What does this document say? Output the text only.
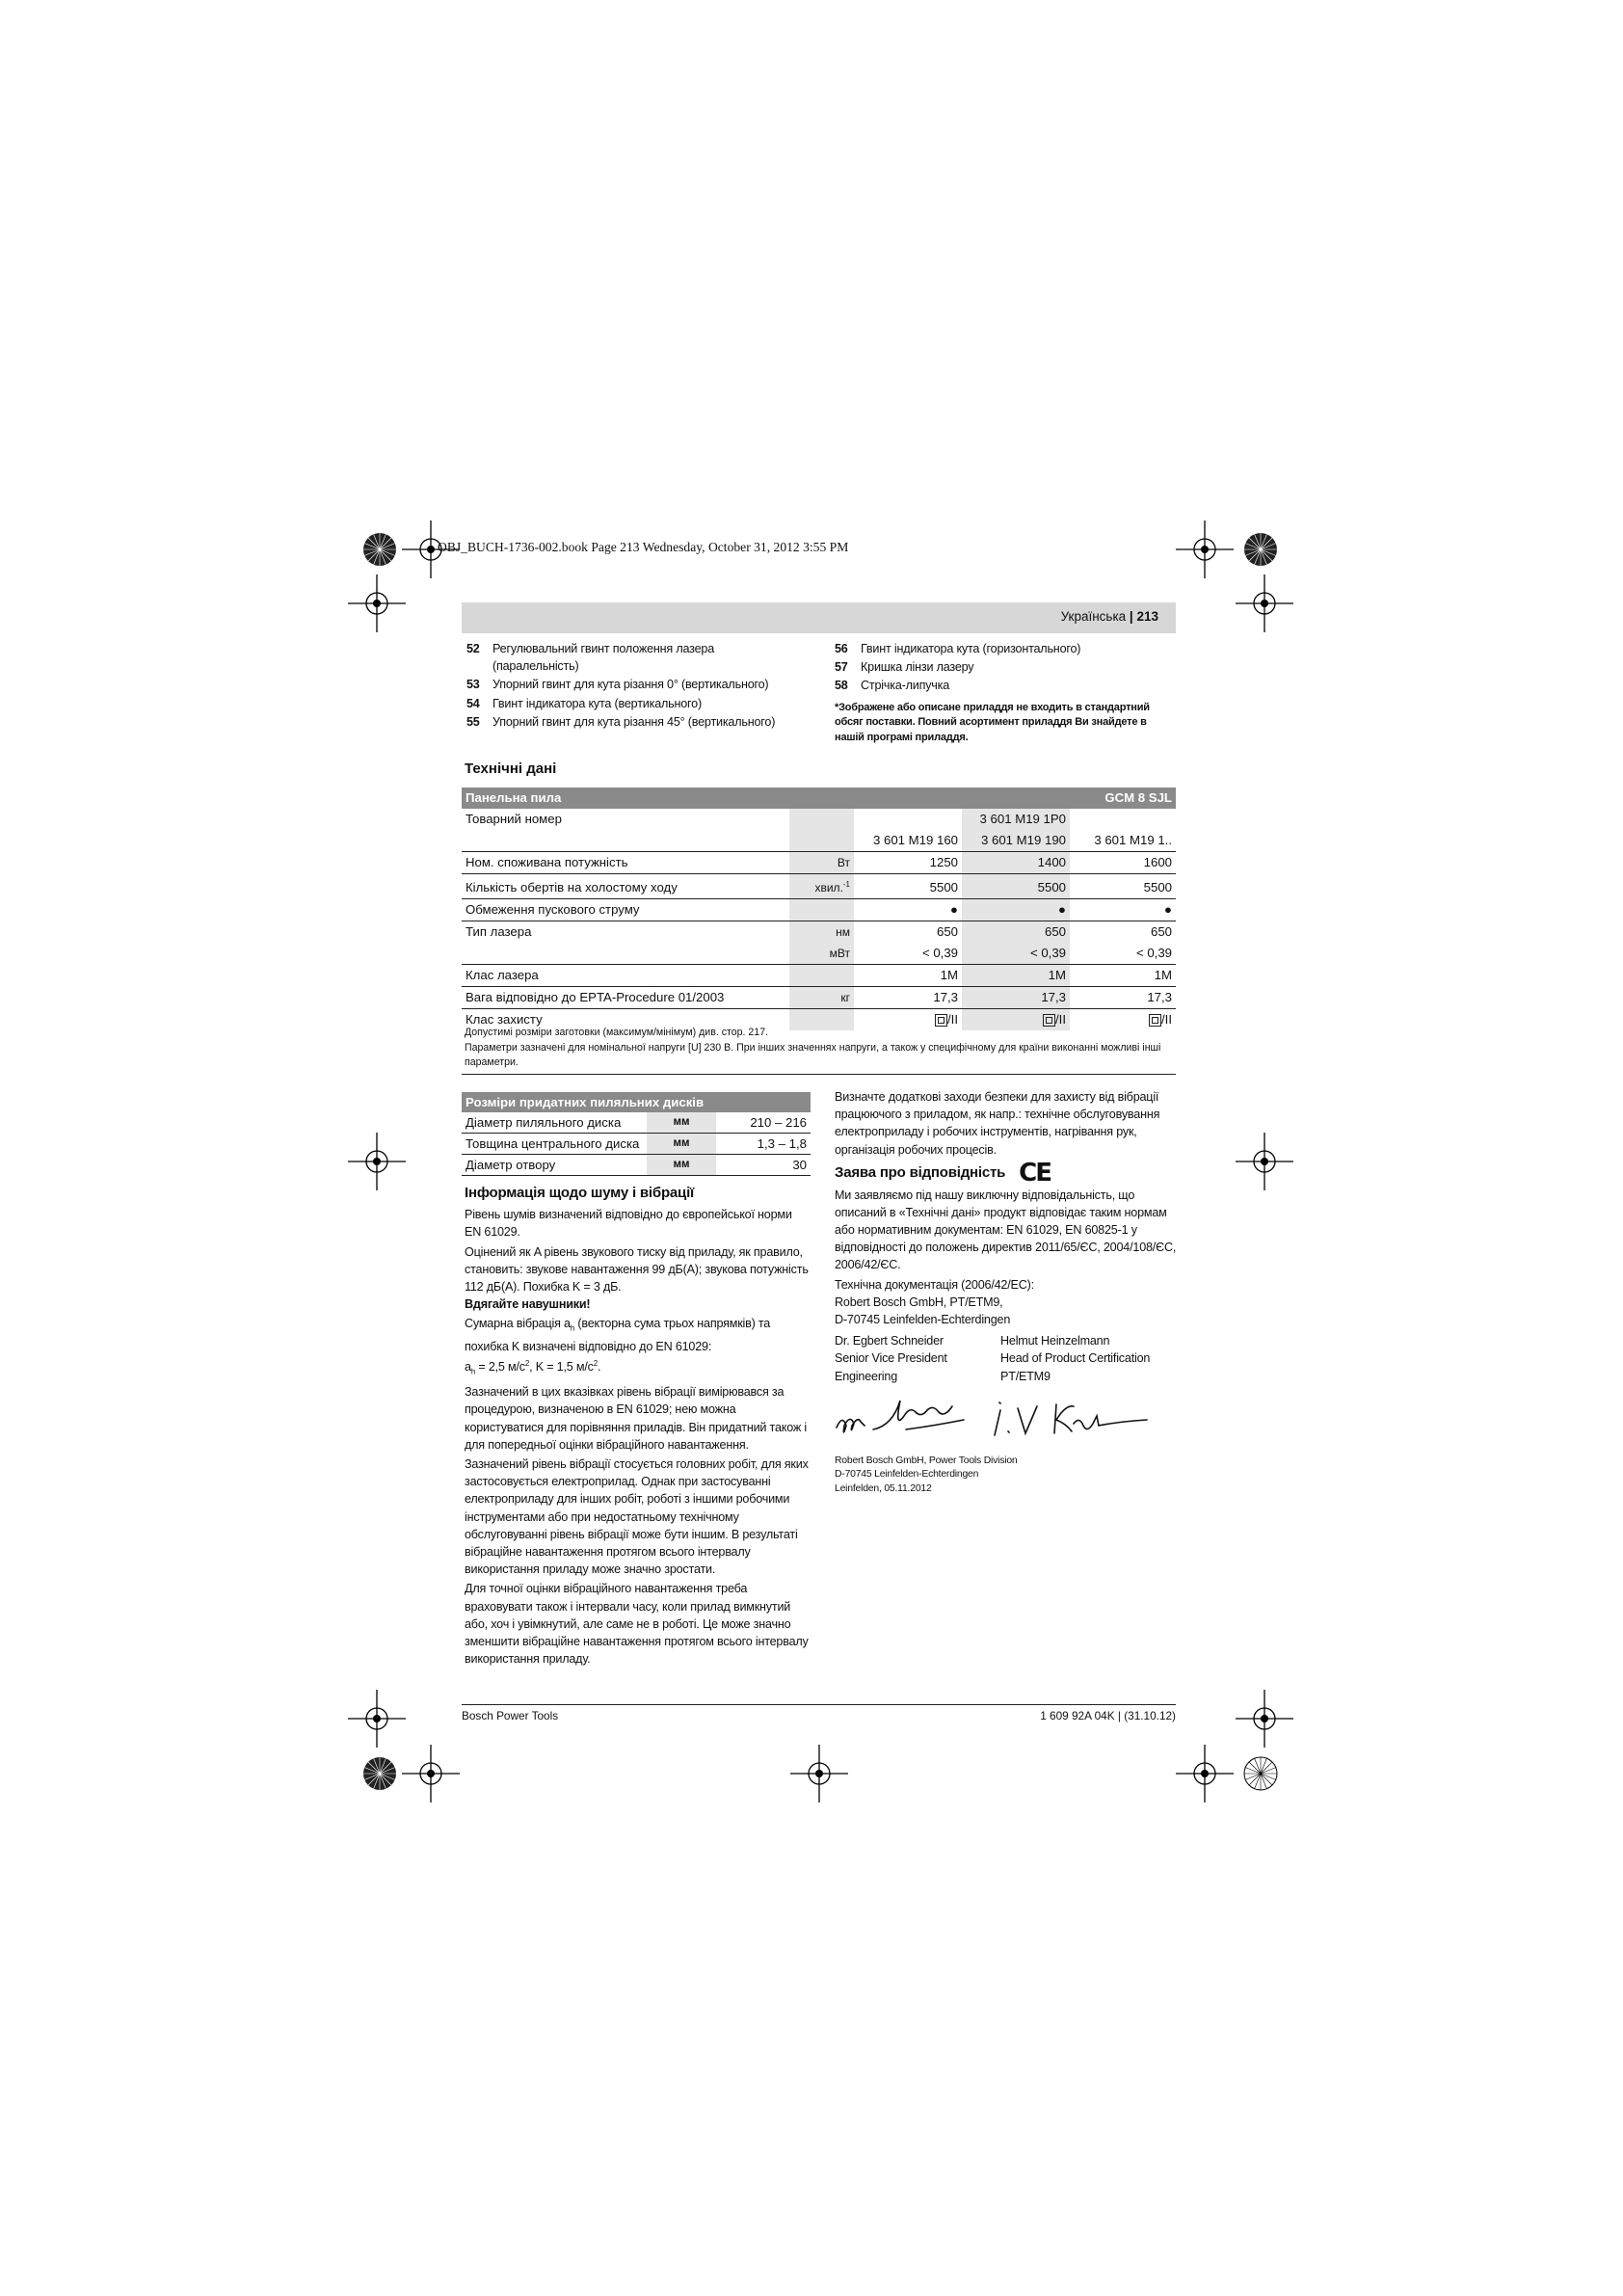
OBJ_BUCH-1736-002.book Page 213 Wednesday, October 31, 2012 3:55 PM
Українська | 213
52	Регулювальний гвинт положення лазера
(паралельність)
53	Упорний гвинт для кута різання 0° (вертикального)
54	Гвинт індикатора кута (вертикального)
55	Упорний гвинт для кута різання 45° (вертикального)
56	Гвинт індикатора кута (горизонтального)
57	Кришка лінзи лазеру
58	Стрічка-липучка
*Зображене або описане приладдя не входить в стандартний обсяг поставки. Повний асортимент приладдя Ви знайдете в нашій програмі приладдя.
Технічні дані
Панельна пила				GCM 8 SJL
Товарний номер			3 601 M19 1P0	
		3 601 M19 160	3 601 M19 190	3 601 M19 1..
Ном. споживана потужність	Вт	1250	1400	1600
Кількість обертів на холостому ходу	хвил.$^{-1}$	5500	5500	5500
Обмеження пускового струму		●	●	●
Тип лазера	нм	650	650	650
	мВт	< 0,39	< 0,39	< 0,39
Клас лазера		1M	1M	1M
Вага відповідно до EPTA-Procedure 01/2003	кг	17,3	17,3	17,3
Клас захисту		/II	/II	/II
Допустимі розміри заготовки (максимум/мінімум) див. стор. 217.
Параметри зазначені для номінальної напруги [U] 230 В. При інших значеннях напруги, а також у специфічному для країни виконанні можливі інші параметри.
Розміри придатних пиляльних дисків		
Діаметр пиляльного диска	мм	210 – 216
Товщина центрального диска	мм	1,3 – 1,8
Діаметр отвору	мм	30
Інформація щодо шуму і вібрації

Рівень шумів визначений відповідно до європейської норми EN 61029.

Оцінений як A рівень звукового тиску від приладу, як правило, становить: звукове навантаження 99 дБ(A); звукова потужність 112 дБ(A). Похибка K = 3 дБ.
Вдягайте навушники!

Сумарна вібрація $a_h$ (векторна сума трьох напрямків) та похибка K визначені відповідно до EN 61029:
$a_h = 2,5$ $м/с^2$, K = 1,5 $м/с^2$.

Зазначений в цих вказівках рівень вібрації вимірювався за процедурою, визначеною в EN 61029; нею можна користуватися для порівняння приладів. Він придатний також і для попередньої оцінки вібраційного навантаження.

Зазначений рівень вібрації стосується головних робіт, для яких застосовується електроприлад. Однак при застосуванні електроприладу для інших робіт, роботі з іншими робочими інструментами або при недостатньому технічному обслуговуванні рівень вібрації може бути іншим. В результаті вібраційне навантаження протягом всього інтервалу використання приладу може значно зростати.

Для точної оцінки вібраційного навантаження треба враховувати також і інтервали часу, коли прилад вимкнутий або, хоч і увімкнутий, але саме не в роботі. Це може значно зменшити вібраційне навантаження протягом всього інтервалу використання приладу.

Визначте додаткові заходи безпеки для захисту від вібрації працюючого з приладом, як напр.: технічне обслуговування електроприладу і робочих інструментів, нагрівання рук, організація робочих процесів.

Заява про відповідність CE

Ми заявляємо під нашу виключну відповідальність, що описаний в «Технічні дані» продукт відповідає таким нормам або нормативним документам: EN 61029, EN 60825-1 у відповідності до положень директив 2011/65/ЄС, 2004/108/ЄС, 2006/42/ЄС.

Технічна документація (2006/42/EC):
Robert Bosch GmbH, PT/ETM9,
D-70745 Leinfelden-Echterdingen

Dr. Egbert Schneider	Helmut Heinzelmann
Senior Vice President	Head of Product Certification
Engineering	PT/ETM9
Robert Bosch GmbH, Power Tools Division
D-70745 Leinfelden-Echterdingen
Leinfelden, 05.11.2012
Bosch Power Tools	1 609 92A 04K | (31.10.12)
